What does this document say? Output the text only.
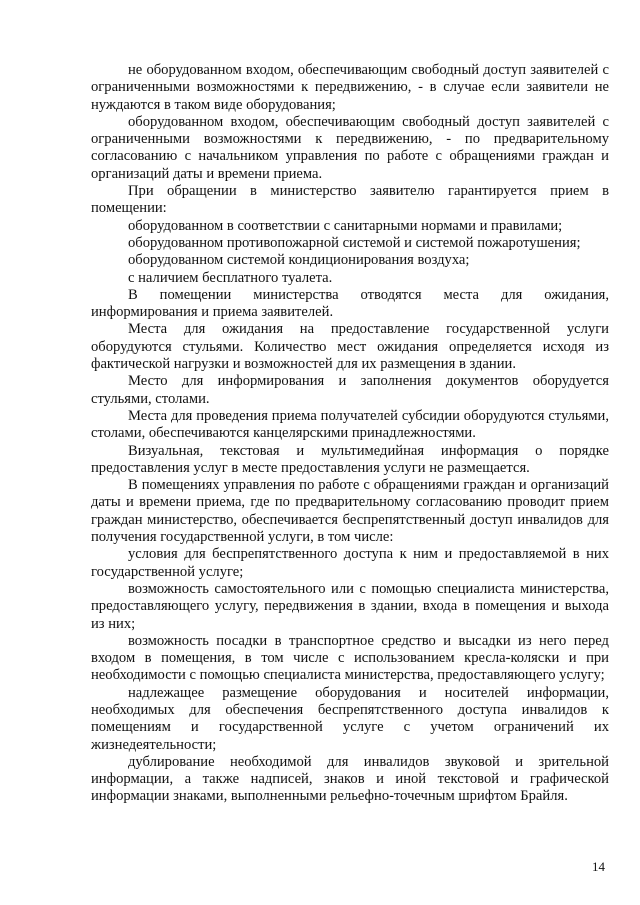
не оборудованном входом, обеспечивающим свободный доступ заявителей с ограниченными возможностями к передвижению, - в случае если заявители не нуждаются в таком виде оборудования;

оборудованном входом, обеспечивающим свободный доступ заявителей с ограниченными возможностями к передвижению, - по предварительному согласованию с начальником управления по работе с обращениями граждан и организаций даты и времени приема.

При обращении в министерство заявителю гарантируется прием в помещении:

оборудованном в соответствии с санитарными нормами и правилами;

оборудованном противопожарной системой и системой пожаротушения;

оборудованном системой кондиционирования воздуха;

с наличием бесплатного туалета.

В помещении министерства отводятся места для ожидания, информирования и приема заявителей.

Места для ожидания на предоставление государственной услуги оборудуются стульями. Количество мест ожидания определяется исходя из фактической нагрузки и возможностей для их размещения в здании.

Место для информирования и заполнения документов оборудуется стульями, столами.

Места для проведения приема получателей субсидии оборудуются стульями, столами, обеспечиваются канцелярскими принадлежностями.

Визуальная, текстовая и мультимедийная информация о порядке предоставления услуг в месте предоставления услуги не размещается.

В помещениях управления по работе с обращениями граждан и организаций даты и времени приема, где по предварительному согласованию проводит прием граждан министерство, обеспечивается беспрепятственный доступ инвалидов для получения государственной услуги, в том числе:

условия для беспрепятственного доступа к ним и предоставляемой в них государственной услуге;

возможность самостоятельного или с помощью специалиста министерства, предоставляющего услугу, передвижения в здании, входа в помещения и выхода из них;

возможность посадки в транспортное средство и высадки из него перед входом в помещения, в том числе с использованием кресла-коляски и при необходимости с помощью специалиста министерства, предоставляющего услугу;

надлежащее размещение оборудования и носителей информации, необходимых для обеспечения беспрепятственного доступа инвалидов к помещениям и государственной услуге с учетом ограничений их жизнедеятельности;

дублирование необходимой для инвалидов звуковой и зрительной информации, а также надписей, знаков и иной текстовой и графической информации знаками, выполненными рельефно-точечным шрифтом Брайля.

14
